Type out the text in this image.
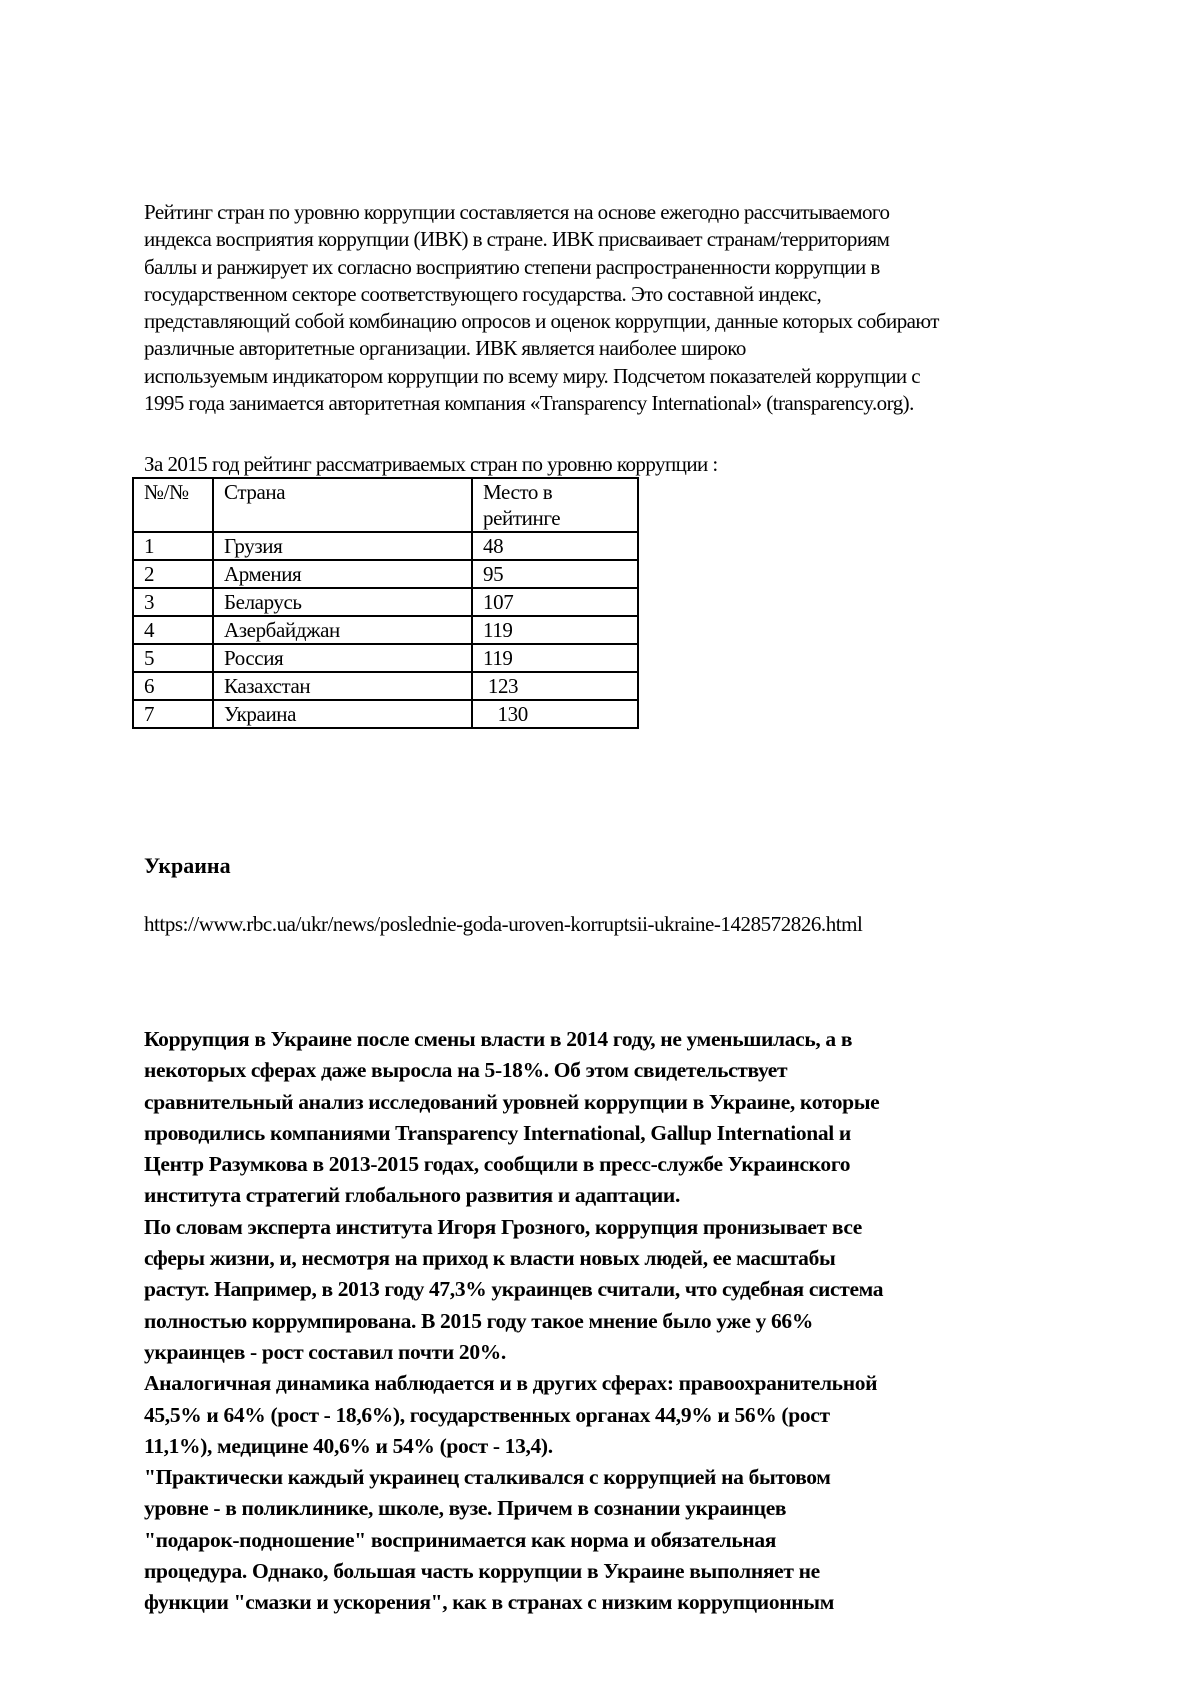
Рейтинг стран по уровню коррупции составляется на основе ежегодно рассчитываемого
индекса восприятия коррупции (ИВК) в стране. ИВК присваивает странам/территориям
баллы и ранжирует их согласно восприятию степени распространенности коррупции в
государственном секторе соответствующего государства. Это составной индекс,
представляющий собой комбинацию опросов и оценок коррупции, данные которых собирают
различные авторитетные организации. ИВК является наиболее широко
используемым индикатором коррупции по всему миру. Подсчетом показателей коррупции с
1995 года занимается авторитетная компания «Transparency International» (transparency.org).
За 2015 год рейтинг рассматриваемых стран по уровню коррупции :
№/№	Страна	Место в
рейтинге

1	Грузия	48
2	Армения	95
3	Беларусь	107
4	Азербайджан	119
5	Россия	119
6	Казахстан	123
7	Украина	130
Украина
https://www.rbc.ua/ukr/news/poslednie-goda-uroven-korruptsii-ukraine-1428572826.html
Коррупция в Украине после смены власти в 2014 году, не уменьшилась, а в
некоторых сферах даже выросла на 5-18%. Об этом свидетельствует
сравнительный анализ исследований уровней коррупции в Украине, которые
проводились компаниями Transparency International, Gallup International и
Центр Разумкова в 2013-2015 годах, сообщили в пресс-службе Украинского
института стратегий глобального развития и адаптации.
По словам эксперта института Игоря Грозного, коррупция пронизывает все
сферы жизни, и, несмотря на приход к власти новых людей, ее масштабы
растут. Например, в 2013 году 47,3% украинцев считали, что судебная система
полностью коррумпирована. В 2015 году такое мнение было уже у 66%
украинцев - рост составил почти 20%.
Аналогичная динамика наблюдается и в других сферах: правоохранительной
45,5% и 64% (рост - 18,6%), государственных органах 44,9% и 56% (рост
11,1%), медицине 40,6% и 54% (рост - 13,4).
"Практически каждый украинец сталкивался с коррупцией на бытовом
уровне - в поликлинике, школе, вузе. Причем в сознании украинцев
"подарок-подношение" воспринимается как норма и обязательная
процедура. Однако, большая часть коррупции в Украине выполняет не
функции "смазки и ускорения", как в странах с низким коррупционным
